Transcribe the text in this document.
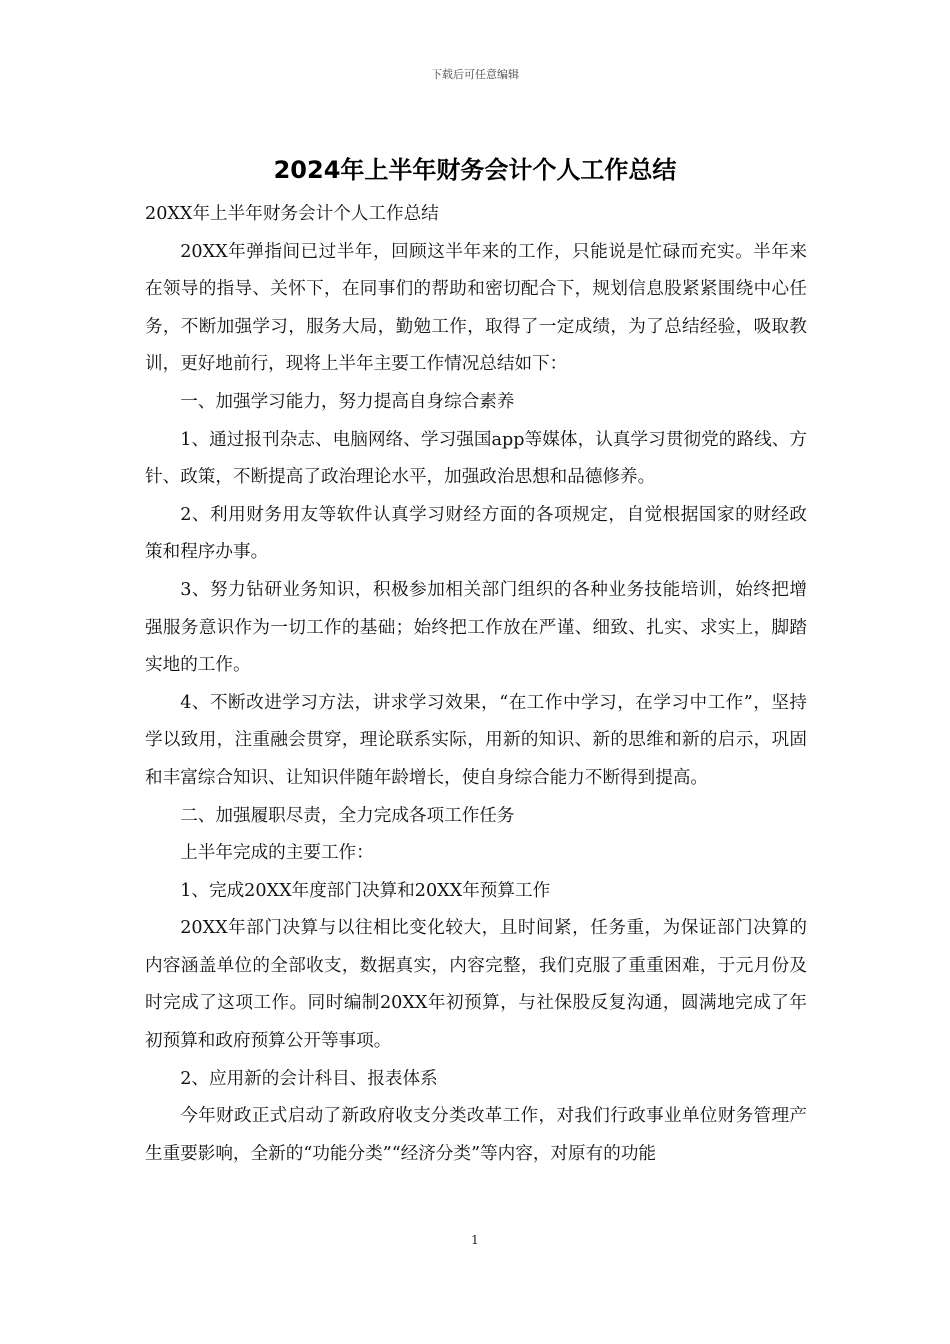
下载后可任意编辑
2024年上半年财务会计个人工作总结

20XX年上半年财务会计个人工作总结

20XX年弹指间已过半年，回顾这半年来的工作，只能说是忙碌而充实。半年来在领导的指导、关怀下，在同事们的帮助和密切配合下，规划信息股紧紧围绕中心任务，不断加强学习，服务大局，勤勉工作，取得了一定成绩，为了总结经验，吸取教训，更好地前行，现将上半年主要工作情况总结如下：

一、加强学习能力，努力提高自身综合素养

1、通过报刊杂志、电脑网络、学习强国app等媒体，认真学习贯彻党的路线、方针、政策，不断提高了政治理论水平，加强政治思想和品德修养。

2、利用财务用友等软件认真学习财经方面的各项规定，自觉根据国家的财经政策和程序办事。

3、努力钻研业务知识，积极参加相关部门组织的各种业务技能培训，始终把增强服务意识作为一切工作的基础；始终把工作放在严谨、细致、扎实、求实上，脚踏实地的工作。

4、不断改进学习方法，讲求学习效果，“在工作中学习，在学习中工作”，坚持学以致用，注重融会贯穿，理论联系实际，用新的知识、新的思维和新的启示，巩固和丰富综合知识、让知识伴随年龄增长，使自身综合能力不断得到提高。

二、加强履职尽责，全力完成各项工作任务

上半年完成的主要工作：

1、完成20XX年度部门决算和20XX年预算工作

20XX年部门决算与以往相比变化较大，且时间紧，任务重，为保证部门决算的内容涵盖单位的全部收支，数据真实，内容完整，我们克服了重重困难，于元月份及时完成了这项工作。同时编制20XX年初预算，与社保股反复沟通，圆满地完成了年初预算和政府预算公开等事项。

2、应用新的会计科目、报表体系

今年财政正式启动了新政府收支分类改革工作，对我们行政事业单位财务管理产生重要影响，全新的“功能分类”“经济分类”等内容，对原有的功能

1
